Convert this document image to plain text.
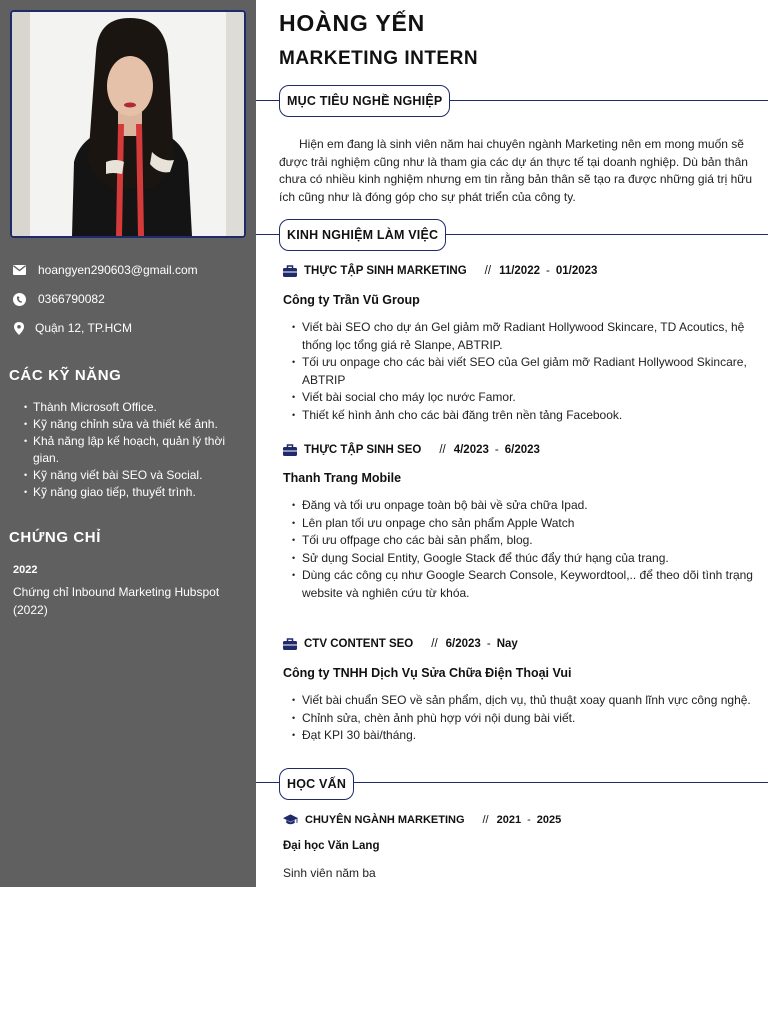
hoangyen290603@gmail.com
0366790082
Quận 12, TP.HCM
CÁC KỸ NĂNG
• Thành Microsoft Office.
• Kỹ năng chỉnh sửa và thiết kế ảnh.
• Khả năng lập kế hoạch, quản lý thời gian.
• Kỹ năng viết bài SEO và Social.
• Kỹ năng giao tiếp, thuyết trình.
CHỨNG CHỈ
2022
Chứng chỉ Inbound Marketing Hubspot (2022)
HOÀNG YẾN
MARKETING INTERN
MỤC TIÊU NGHỀ NGHIỆP

Hiện em đang là sinh viên năm hai chuyên ngành Marketing nên em mong muốn sẽ được trải nghiệm cũng như là tham gia các dự án thực tế tại doanh nghiệp. Dù bản thân chưa có nhiều kinh nghiệm nhưng em tin rằng bản thân sẽ tạo ra được những giá trị hữu ích cũng như là đóng góp cho sự phát triển của công ty.

KINH NGHIỆM LÀM VIỆC
THỰC TẬP SINH MARKETING // 11/2022 - 01/2023
Công ty Trần Vũ Group
• Viết bài SEO cho dự án Gel giảm mỡ Radiant Hollywood Skincare, TD Acoutics, hệ thống lọc tổng giá rẻ Slanpe, ABTRIP.
• Tối ưu onpage cho các bài viết SEO của Gel giảm mỡ Radiant Hollywood Skincare, ABTRIP
• Viết bài social cho máy lọc nước Famor.
• Thiết kế hình ảnh cho các bài đăng trên nền tảng Facebook.
THỰC TẬP SINH SEO // 4/2023 - 6/2023
Thanh Trang Mobile
• Đăng và tối ưu onpage toàn bộ bài về sửa chữa Ipad.
• Lên plan tối ưu onpage cho sản phẩm Apple Watch
• Tối ưu offpage cho các bài sản phẩm, blog.
• Sử dụng Social Entity, Google Stack để thúc đẩy thứ hạng của trang.
• Dùng các công cụ như Google Search Console, Keywordtool,.. để theo dõi tình trạng website và nghiên cứu từ khóa.
CTV CONTENT SEO // 6/2023 - Nay
Công ty TNHH Dịch Vụ Sửa Chữa Điện Thoại Vui
• Viết bài chuẩn SEO về sản phẩm, dịch vụ, thủ thuật xoay quanh lĩnh vực công nghệ.
• Chỉnh sửa, chèn ảnh phù hợp với nội dung bài viết.
• Đạt KPI 30 bài/tháng.
HỌC VẤN
CHUYÊN NGÀNH MARKETING // 2021 - 2025
Đại học Văn Lang
Sinh viên năm ba
